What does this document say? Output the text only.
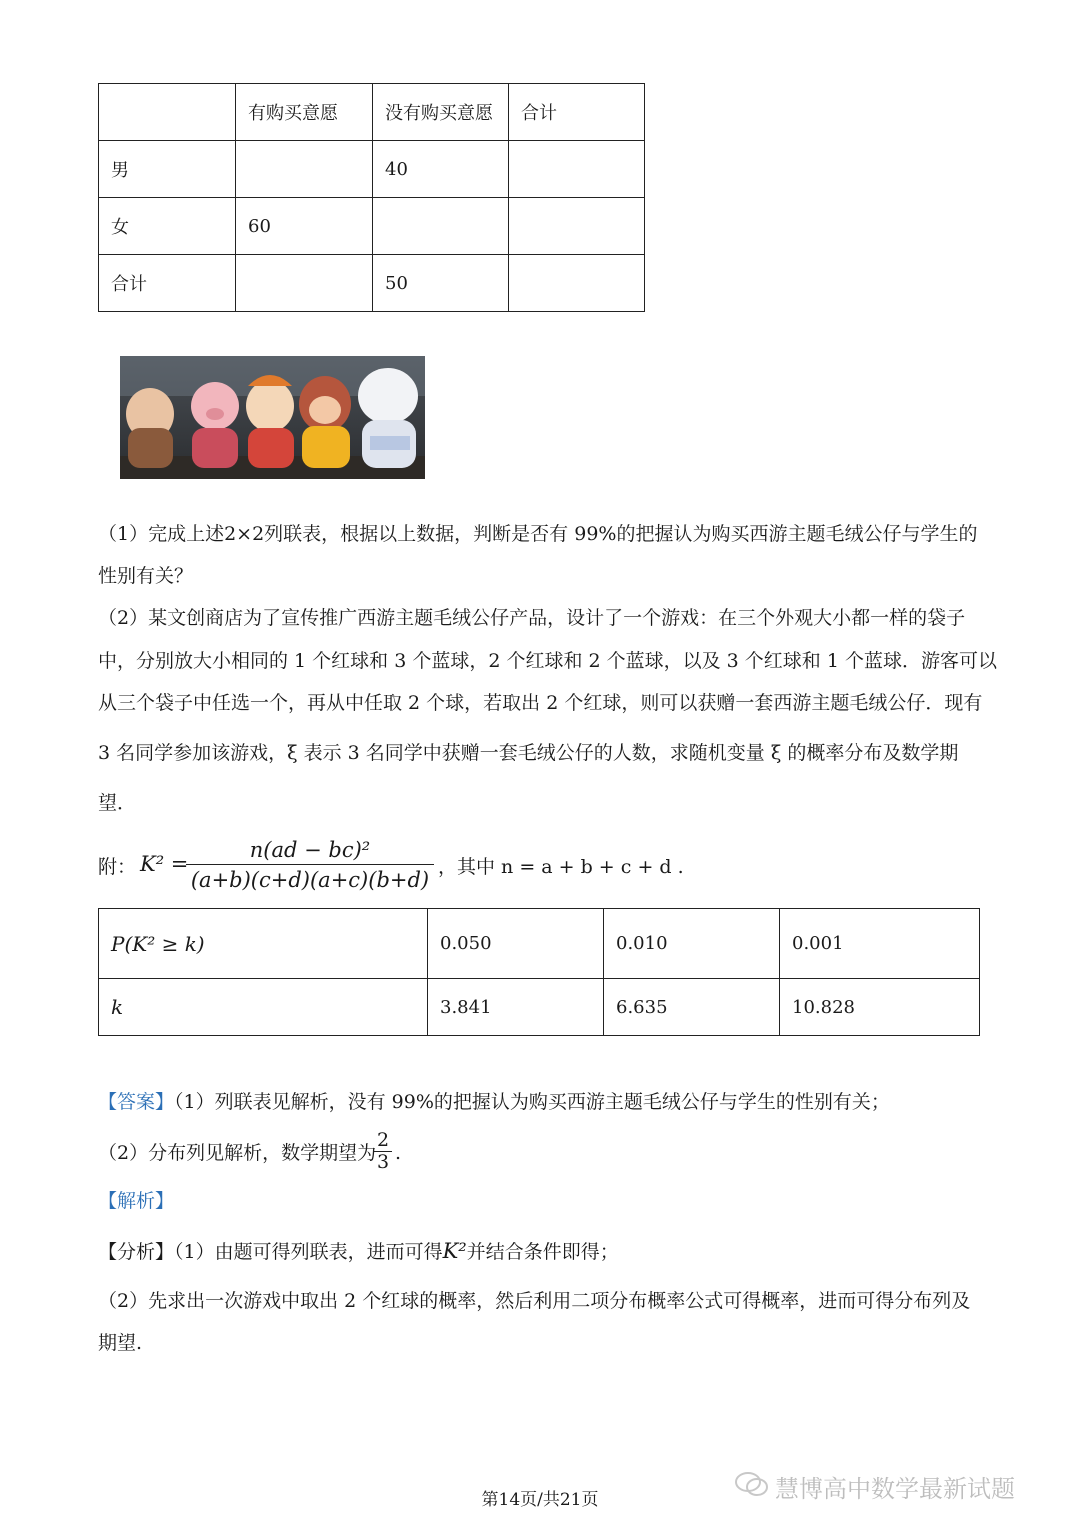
	有购买意愿	没有购买意愿	合计
男		40	
女	60		
合计		50	
（1）完成上述2×2列联表，根据以上数据，判断是否有 99%的把握认为购买西游主题毛绒公仔与学生的
性别有关？
（2）某文创商店为了宣传推广西游主题毛绒公仔产品，设计了一个游戏：在三个外观大小都一样的袋子
中，分别放大小相同的 1 个红球和 3 个蓝球，2 个红球和 2 个蓝球，以及 3 个红球和 1 个蓝球．游客可以
从三个袋子中任选一个，再从中任取 2 个球，若取出 2 个红球，则可以获赠一套西游主题毛绒公仔．现有
3 名同学参加该游戏，ξ 表示 3 名同学中获赠一套毛绒公仔的人数，求随机变量 ξ 的概率分布及数学期
望．
附： K² =
n(ad − bc)²
(a+b)(c+d)(a+c)(b+d)
，其中 n = a + b + c + d .
P(K² ≥ k)	0.050	0.010	0.001
k	3.841	6.635	10.828
【答案】（1）列联表见解析，没有 99%的把握认为购买西游主题毛绒公仔与学生的性别有关；
（2）分布列见解析，数学期望为
2
3 .
【解析】
【分析】（1）由题可得列联表，进而可得K²并结合条件即得；
（2）先求出一次游戏中取出 2 个红球的概率，然后利用二项分布概率公式可得概率，进而可得分布列及
期望.
慧博高中数学最新试题
第14页/共21页
